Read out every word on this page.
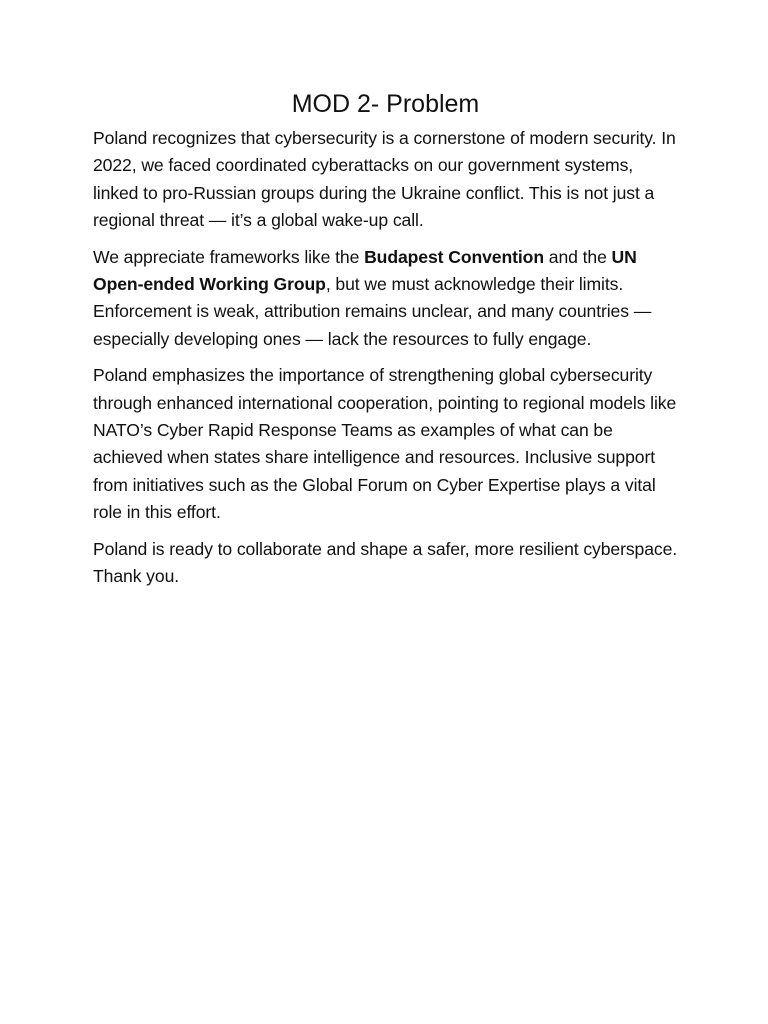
MOD 2- Problem

Poland recognizes that cybersecurity is a cornerstone of modern security. In 2022, we faced coordinated cyberattacks on our government systems, linked to pro-Russian groups during the Ukraine conflict. This is not just a regional threat — it’s a global wake-up call.

We appreciate frameworks like the Budapest Convention and the UN Open-ended Working Group, but we must acknowledge their limits. Enforcement is weak, attribution remains unclear, and many countries — especially developing ones — lack the resources to fully engage.

Poland emphasizes the importance of strengthening global cybersecurity through enhanced international cooperation, pointing to regional models like NATO’s Cyber Rapid Response Teams as examples of what can be achieved when states share intelligence and resources. Inclusive support from initiatives such as the Global Forum on Cyber Expertise plays a vital role in this effort.

Poland is ready to collaborate and shape a safer, more resilient cyberspace. Thank you.
